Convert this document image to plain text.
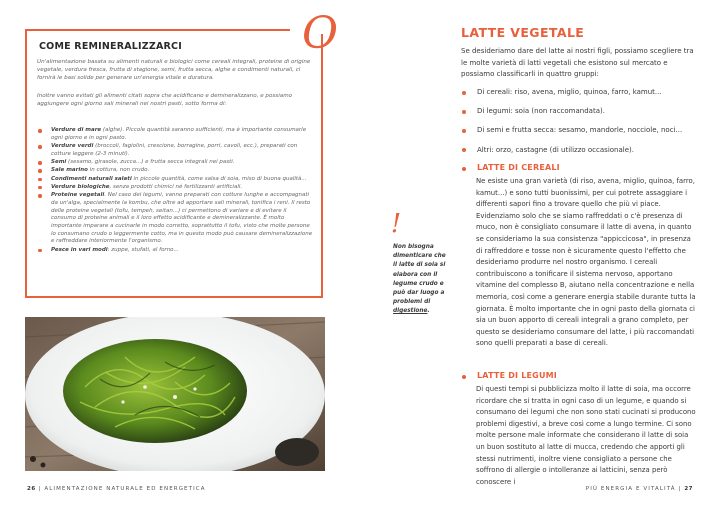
O
COME REMINERALIZZARCI

Un'alimentazione basata su alimenti naturali e biologici come cereali integrali, proteine di origine vegetale, verdura fresca, frutta di stagione, semi, frutta secca, alghe e condimenti naturali, ci fornirà le basi solide per generare un'energia vitale e duratura.

Inoltre vanno evitati gli alimenti citati sopra che acidificano e demineralizzano, e possiamo aggiungere ogni giorno sali minerali nei nostri pasti, sotto forma di:

Verdure di mare (alghe). Piccole quantità saranno sufficienti, ma è importante consumarle ogni giorno e in ogni pasto.
Verdure verdi (broccoli, fagiolini, crescione, borragine, porri, cavoli, ecc.), preparati con cotture leggere (2-3 minuti).
Semi (sesamo, girasole, zucca...) e frutta secca integrali nei pasti.
Sale marino in cottura, non crudo.
Condimenti naturali salati in piccole quantità, come salsa di soia, miso di buona qualità...
Verdure biologiche, senza prodotti chimici né fertilizzanti artificiali.
Proteine vegetali. Nel caso dei legumi, vanno preparati con cotture lunghe e accompagnati da un'alga, specialmente la kombu, che oltre ad apportare sali minerali, tonifica i reni. Il resto delle proteine vegetali (tofu, tempeh, seitan...) ci permettono di variare e di evitare il consumo di proteine animali e il loro effetto acidificante e demineralizzante. È molto importante imparare a cucinarle in modo corretto, soprattutto il tofu, visto che molte persone lo consumano crudo o leggermente cotto, ma in questo modo può causare demineralizzazione e raffreddare interiormente l'organismo.
Pesce in vari modi: zuppe, stufati, al forno...
26 | ALIMENTAZIONE NATURALE ED ENERGETICA
!

Non bisogna dimenticare che il latte di soia si elabora con il legume crudo e può dar luogo a problemi di digestione.

LATTE VEGETALE

Se desideriamo dare del latte ai nostri figli, possiamo scegliere tra le molte varietà di latti vegetali che esistono sul mercato e possiamo classificarli in quattro gruppi:

Di cereali: riso, avena, miglio, quinoa, farro, kamut...
Di legumi: soia (non raccomandata).
Di semi e frutta secca: sesamo, mandorle, nocciole, noci...
Altri: orzo, castagne (di utilizzo occasionale).
LATTE DI CEREALI

Ne esiste una gran varietà (di riso, avena, miglio, quinoa, farro, kamut...) e sono tutti buonissimi, per cui potrete assaggiare i differenti sapori fino a trovare quello che più vi piace. Evidenziamo solo che se siamo raffreddati o c'è presenza di muco, non è consigliato consumare il latte di avena, in quanto se consideriamo la sua consistenza "appiccicosa", in presenza di raffreddore e tosse non è sicuramente questo l'effetto che desideriamo produrre nel nostro organismo. I cereali contribuiscono a tonificare il sistema nervoso, apportano vitamine del complesso B, aiutano nella concentrazione e nella memoria, così come a generare energia stabile durante tutta la giornata. È molto importante che in ogni pasto della giornata ci sia un buon apporto di cereali integrali a grano completo, per questo se desideriamo consumare del latte, i più raccomandati sono quelli preparati a base di cereali.

LATTE DI LEGUMI

Di questi tempi si pubblicizza molto il latte di soia, ma occorre ricordare che si tratta in ogni caso di un legume, e quando si consumano dei legumi che non sono stati cucinati si producono problemi digestivi, a breve così come a lungo termine. Ci sono molte persone male informate che considerano il latte di soia un buon sostituto al latte di mucca, credendo che apporti gli stessi nutrimenti, inoltre viene consigliato a persone che soffrono di allergie o intolleranze ai latticini, senza però conoscere i

PIÙ ENERGIA E VITALITÀ | 27
